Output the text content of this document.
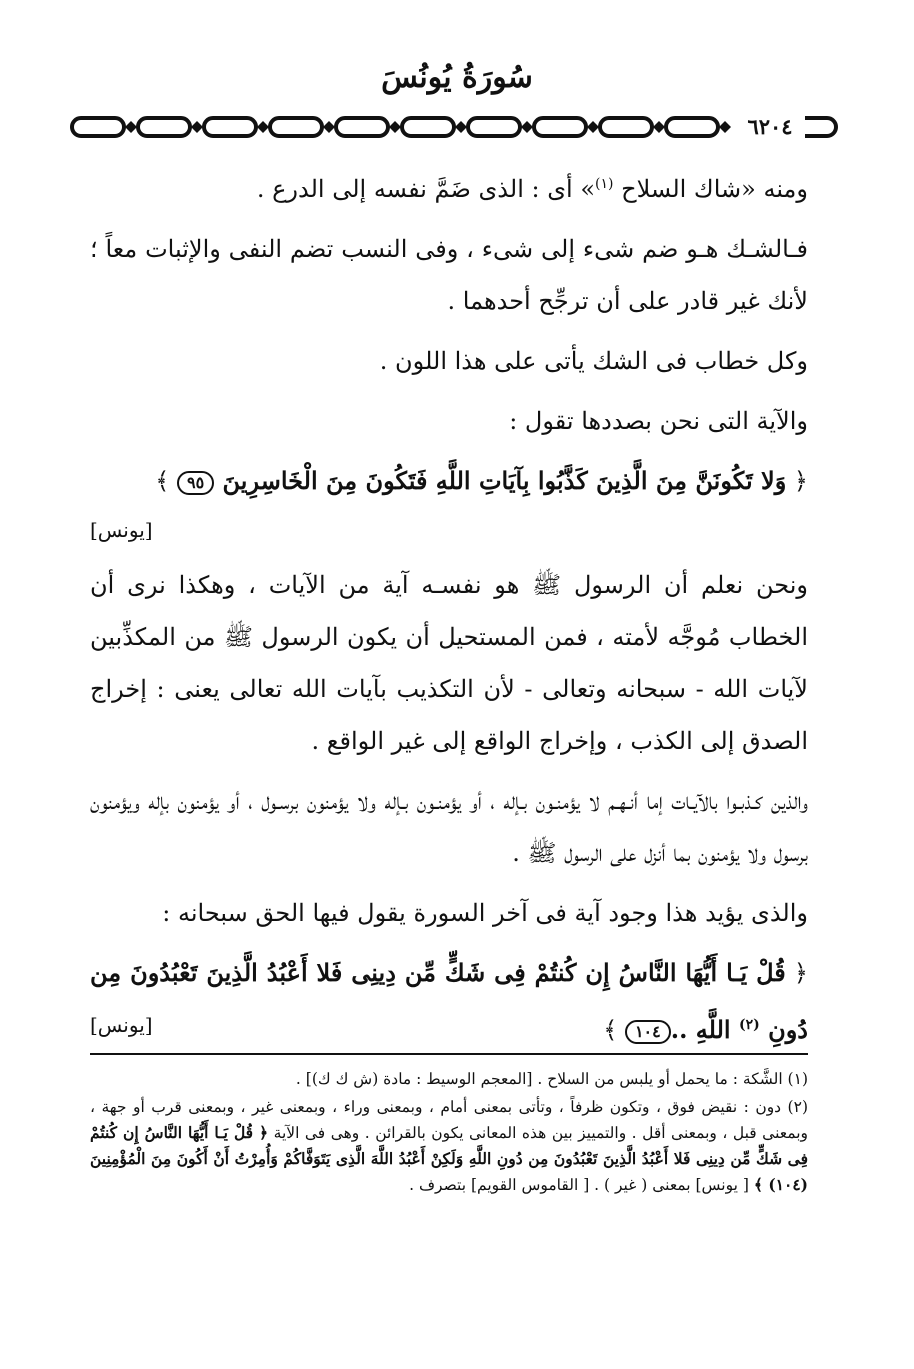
سُورَةُ يُونُسَ
٦٢٠٤

ومنه «شاك السلاح $^{(١)}$» أى : الذى ضَمَّ نفسه إلى الدرع .

فـالشـك هـو ضم شىء إلى شىء ، وفى النسب تضم النفى والإثبات معاً ؛ لأنك غير قادر على أن ترجِّح أحدهما .

وكل خطاب فى الشك يأتى على هذا اللون .

والآية التى نحن بصددها تقول :

﴿ وَلا تَكُونَنَّ مِنَ الَّذِينَ كَذَّبُوا بِآيَاتِ اللَّهِ فَتَكُونَ مِنَ الْخَاسِرِينَ ٩٥ ﴾

[يونس]

ونحن نعلم أن الرسول ﷺ هو نفسـه آية من الآيات ، وهكذا نرى أن الخطاب مُوجَّه لأمته ، فمن المستحيل أن يكون الرسول ﷺ من المكذِّبين لآيات الله - سبحانه وتعالى - لأن التكذيب بآيات الله تعالى يعنى : إخراج الصدق إلى الكذب ، وإخراج الواقع إلى غير الواقع .

والذين كـذبـوا بالآيـات إما أنـهـم لا يؤمنـون بـإله ، أو يؤمنـون بـإله ولا يؤمنون برسـول ، أو يؤمنون بإله ويؤمنون برسول ولا يؤمنون بما أنزل على الرسول ﷺ .

والذى يؤيد هذا وجود آية فى آخر السورة يقول فيها الحق سبحانه :

﴿ قُلْ يَـا أَيُّهَا النَّاسُ إِن كُنتُمْ فِى شَكٍّ مِّن دِينِى فَلا أَعْبُدُ الَّذِينَ تَعْبُدُونَ مِن دُونِ $^{(٢)}$ اللَّهِ ..١٠٤ ﴾
[يونس]

(١) الشَّكة : ما يحمل أو يلبس من السلاح . [المعجم الوسيط : مادة (ش ك ك)] .

(٢) دون : نقيض فوق ، وتكون ظرفاً ، وتأتى بمعنى أمام ، وبمعنى وراء ، وبمعنى غير ، وبمعنى قرب أو جهة ، وبمعنى قبل ، وبمعنى أقل . والتمييز بين هذه المعانى يكون بالقرائن . وهى فى الآية ﴿ قُلْ يَـا أَيُّهَا النَّاسُ إِن كُنتُمْ فِى شَكٍّ مِّن دِينِى فَلا أَعْبُدُ الَّذِينَ تَعْبُدُونَ مِن دُونِ اللَّهِ وَلَكِنْ أَعْبُدُ اللَّهَ الَّذِى يَتَوَفَّاكُمْ وَأُمِرْتُ أَنْ أَكُونَ مِنَ الْمُؤْمِنِينَ (١٠٤) ﴾ [ يونس] بمعنى ( غير ) . [ القاموس القويم] بتصرف .
